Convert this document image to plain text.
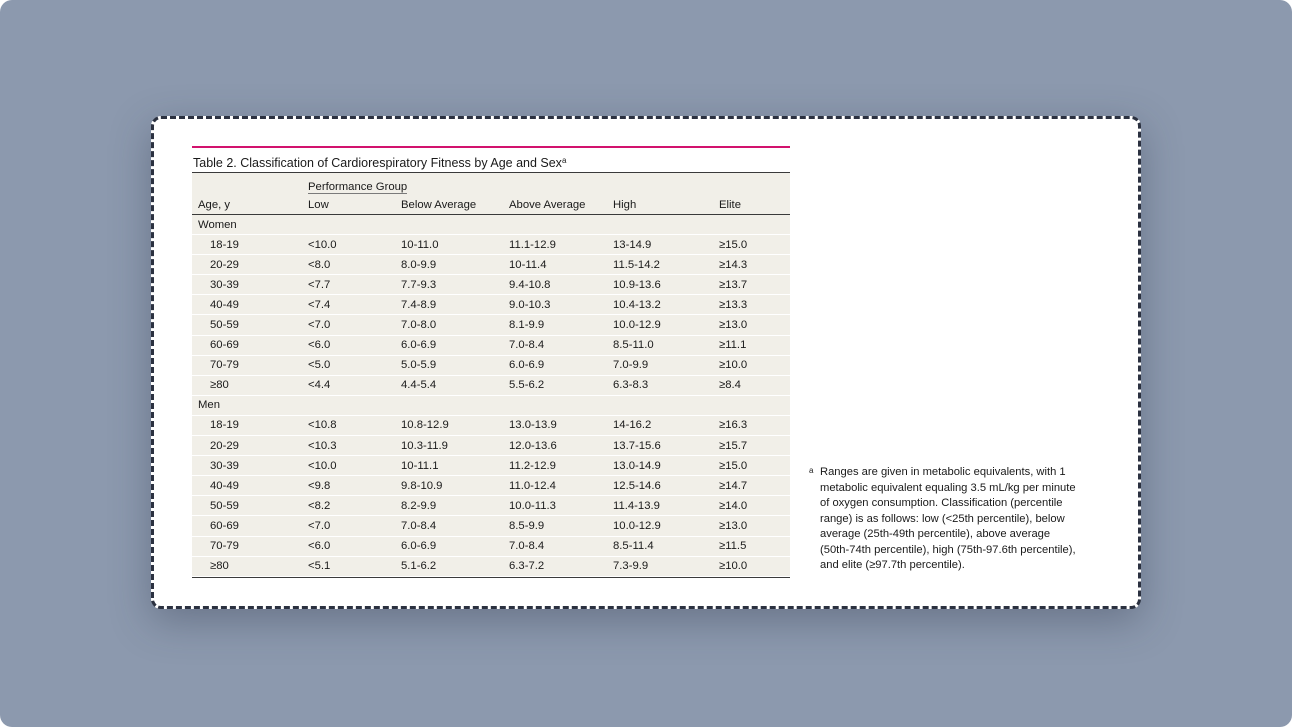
Table 2. Classification of Cardiorespiratory Fitness by Age and Sex$^a$
	Performance Group				
Age, y	Low	Below Average	Above Average	High	Elite
Women					
18-19	<10.0	10-11.0	11.1-12.9	13-14.9	≥15.0
20-29	<8.0	8.0-9.9	10-11.4	11.5-14.2	≥14.3
30-39	<7.7	7.7-9.3	9.4-10.8	10.9-13.6	≥13.7
40-49	<7.4	7.4-8.9	9.0-10.3	10.4-13.2	≥13.3
50-59	<7.0	7.0-8.0	8.1-9.9	10.0-12.9	≥13.0
60-69	<6.0	6.0-6.9	7.0-8.4	8.5-11.0	≥11.1
70-79	<5.0	5.0-5.9	6.0-6.9	7.0-9.9	≥10.0
≥80	<4.4	4.4-5.4	5.5-6.2	6.3-8.3	≥8.4
Men					
18-19	<10.8	10.8-12.9	13.0-13.9	14-16.2	≥16.3
20-29	<10.3	10.3-11.9	12.0-13.6	13.7-15.6	≥15.7
30-39	<10.0	10-11.1	11.2-12.9	13.0-14.9	≥15.0
40-49	<9.8	9.8-10.9	11.0-12.4	12.5-14.6	≥14.7
50-59	<8.2	8.2-9.9	10.0-11.3	11.4-13.9	≥14.0
60-69	<7.0	7.0-8.4	8.5-9.9	10.0-12.9	≥13.0
70-79	<6.0	6.0-6.9	7.0-8.4	8.5-11.4	≥11.5
≥80	<5.1	5.1-6.2	6.3-7.2	7.3-9.9	≥10.0
a Ranges are given in metabolic equivalents, with 1 metabolic equivalent equaling 3.5 mL/kg per minute of oxygen consumption. Classification (percentile range) is as follows: low (<25th percentile), below average (25th-49th percentile), above average (50th-74th percentile), high (75th-97.6th percentile), and elite (≥97.7th percentile).
